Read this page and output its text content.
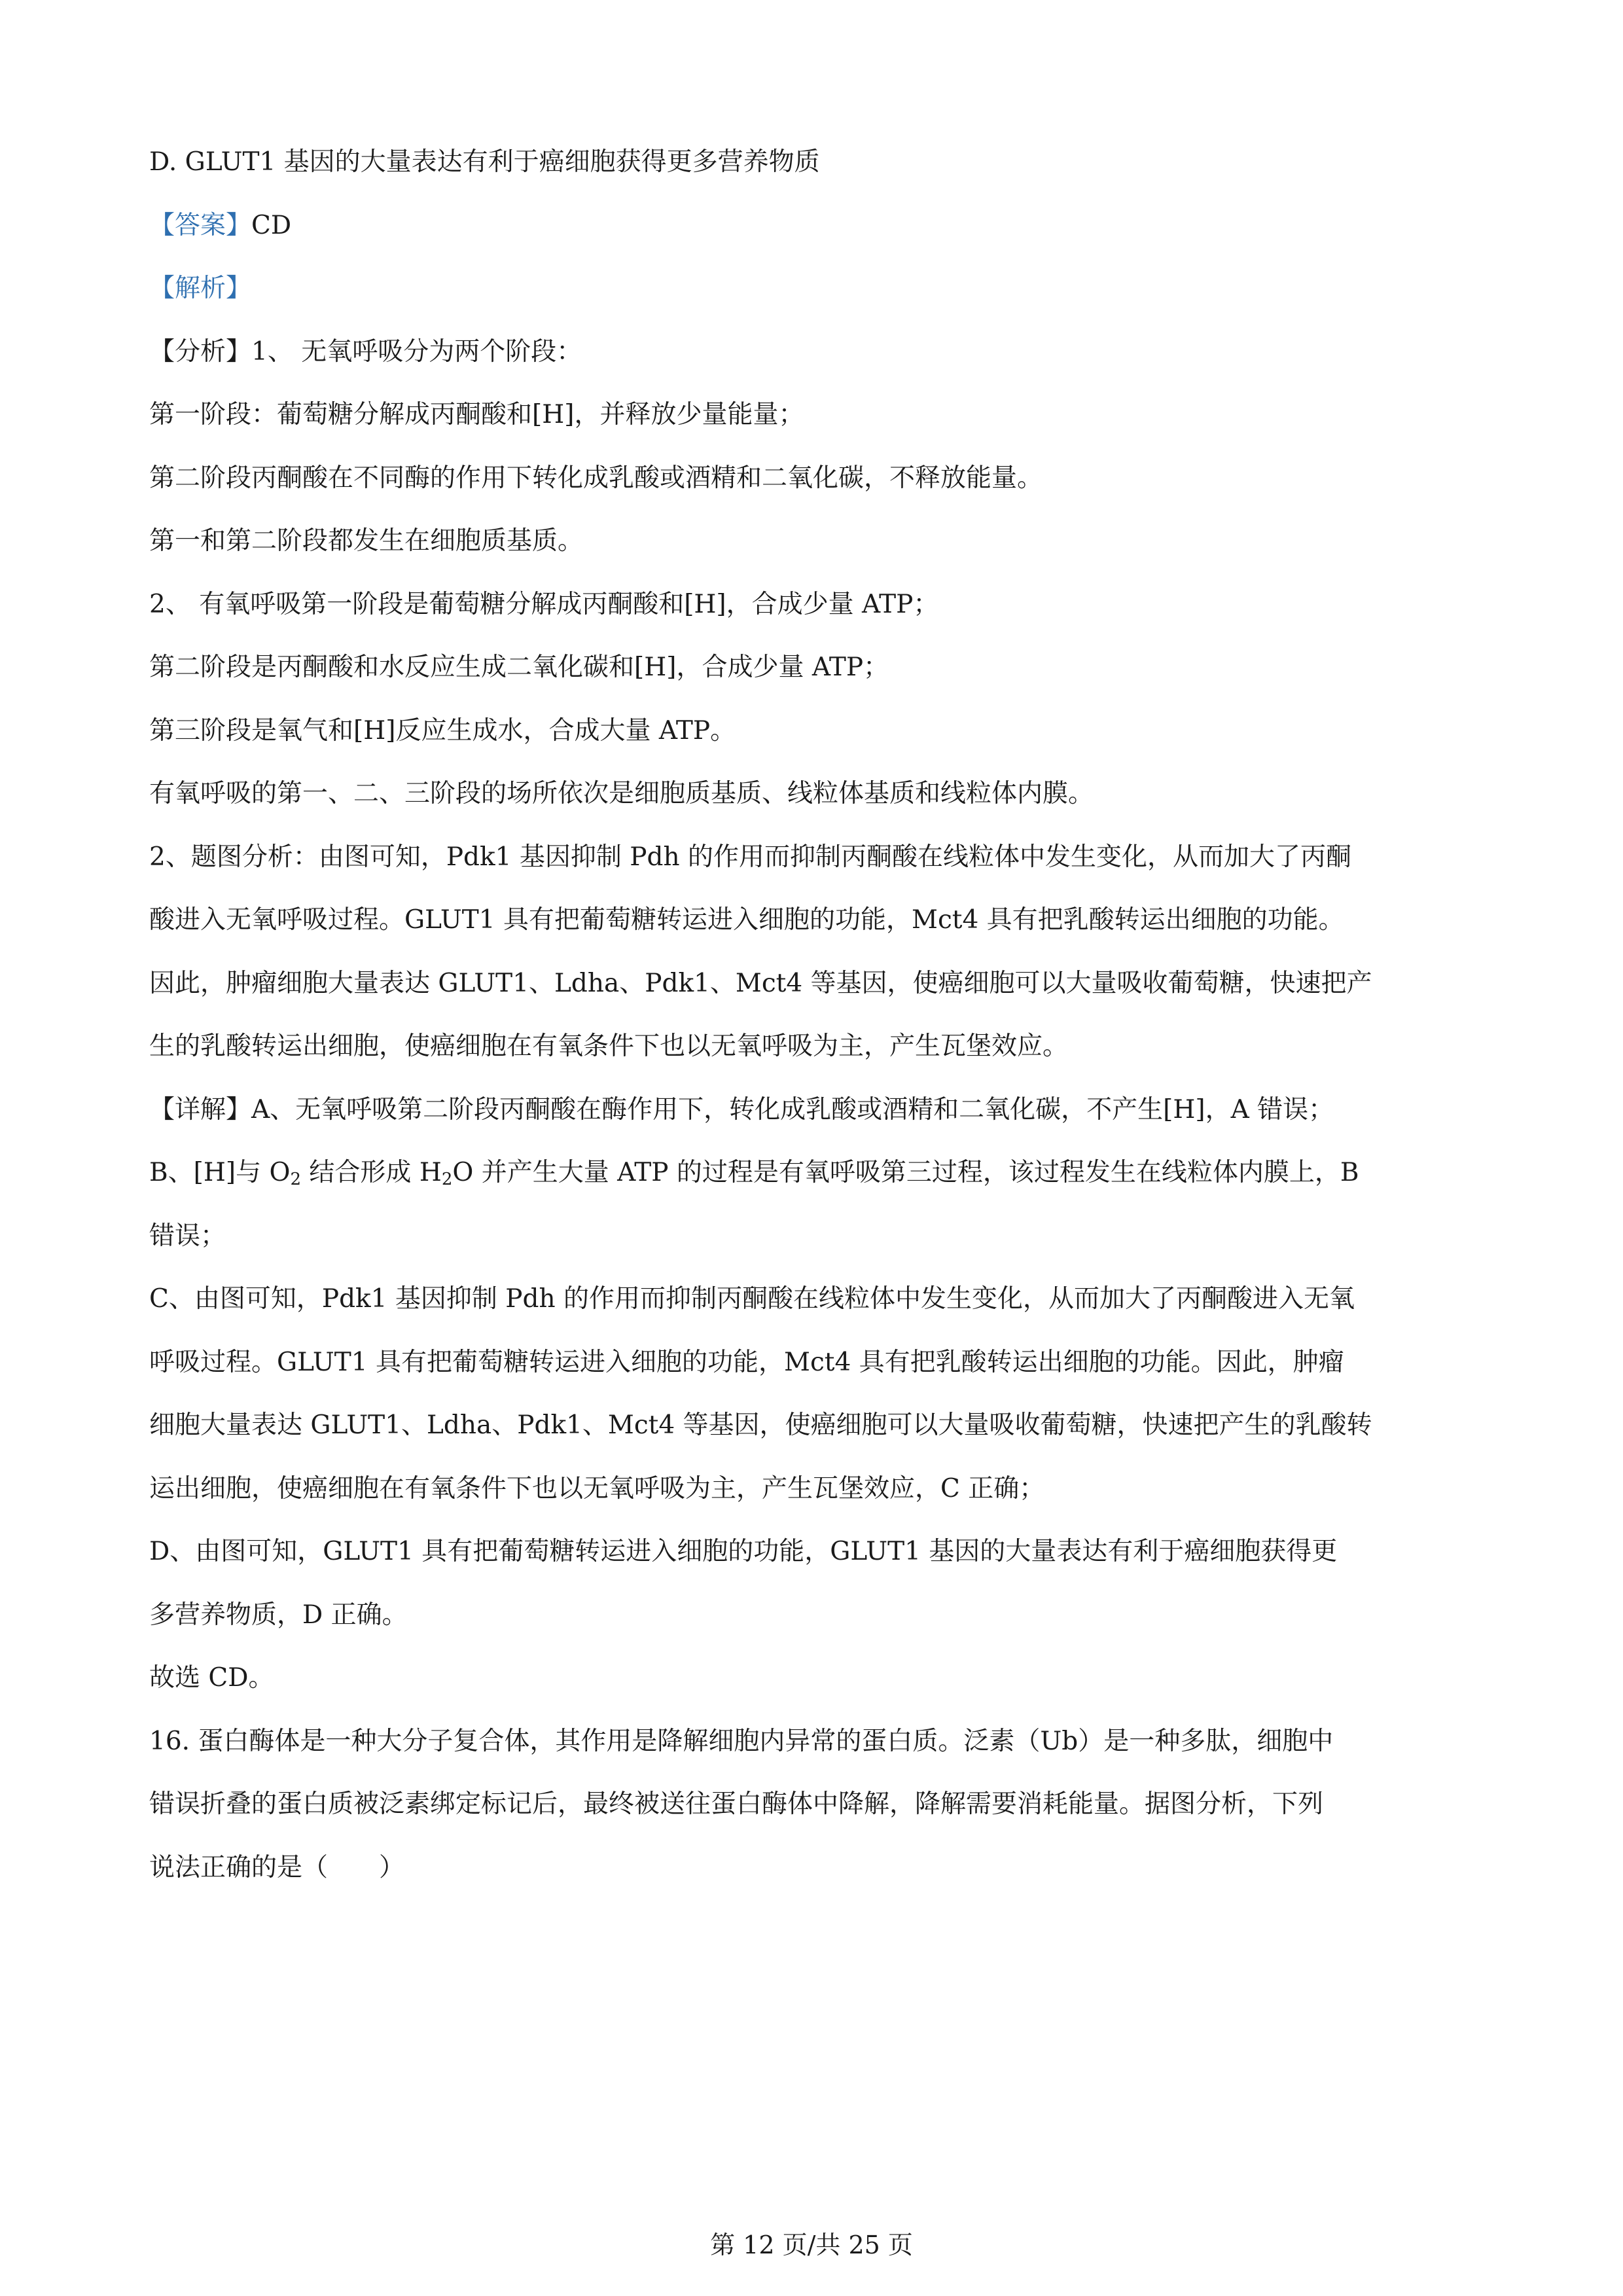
D. GLUT1 基因的大量表达有利于癌细胞获得更多营养物质
【答案】CD
【解析】
【分析】1、 无氧呼吸分为两个阶段：
第一阶段：葡萄糖分解成丙酮酸和[H]，并释放少量能量；
第二阶段丙酮酸在不同酶的作用下转化成乳酸或酒精和二氧化碳，不释放能量。
第一和第二阶段都发生在细胞质基质。
2、 有氧呼吸第一阶段是葡萄糖分解成丙酮酸和[H]，合成少量 ATP；
第二阶段是丙酮酸和水反应生成二氧化碳和[H]，合成少量 ATP；
第三阶段是氧气和[H]反应生成水，合成大量 ATP。
有氧呼吸的第一、二、三阶段的场所依次是细胞质基质、线粒体基质和线粒体内膜。
2、题图分析：由图可知，Pdk1 基因抑制 Pdh 的作用而抑制丙酮酸在线粒体中发生变化，从而加大了丙酮
酸进入无氧呼吸过程。GLUT1 具有把葡萄糖转运进入细胞的功能，Mct4 具有把乳酸转运出细胞的功能。
因此，肿瘤细胞大量表达 GLUT1、Ldha、Pdk1、Mct4 等基因，使癌细胞可以大量吸收葡萄糖，快速把产
生的乳酸转运出细胞，使癌细胞在有氧条件下也以无氧呼吸为主，产生瓦堡效应。
【详解】A、无氧呼吸第二阶段丙酮酸在酶作用下，转化成乳酸或酒精和二氧化碳，不产生[H]，A 错误；
B、[H]与 $O_2$ 结合形成 $H_2O$ 并产生大量 ATP 的过程是有氧呼吸第三过程，该过程发生在线粒体内膜上，B
错误；
C、由图可知，Pdk1 基因抑制 Pdh 的作用而抑制丙酮酸在线粒体中发生变化，从而加大了丙酮酸进入无氧
呼吸过程。GLUT1 具有把葡萄糖转运进入细胞的功能，Mct4 具有把乳酸转运出细胞的功能。因此，肿瘤
细胞大量表达 GLUT1、Ldha、Pdk1、Mct4 等基因，使癌细胞可以大量吸收葡萄糖，快速把产生的乳酸转
运出细胞，使癌细胞在有氧条件下也以无氧呼吸为主，产生瓦堡效应，C 正确；
D、由图可知，GLUT1 具有把葡萄糖转运进入细胞的功能，GLUT1 基因的大量表达有利于癌细胞获得更
多营养物质，D 正确。
故选 CD。
16. 蛋白酶体是一种大分子复合体，其作用是降解细胞内异常的蛋白质。泛素（Ub）是一种多肽，细胞中
错误折叠的蛋白质被泛素绑定标记后，最终被送往蛋白酶体中降解，降解需要消耗能量。据图分析，下列
说法正确的是（　　）
第 12 页/共 25 页
